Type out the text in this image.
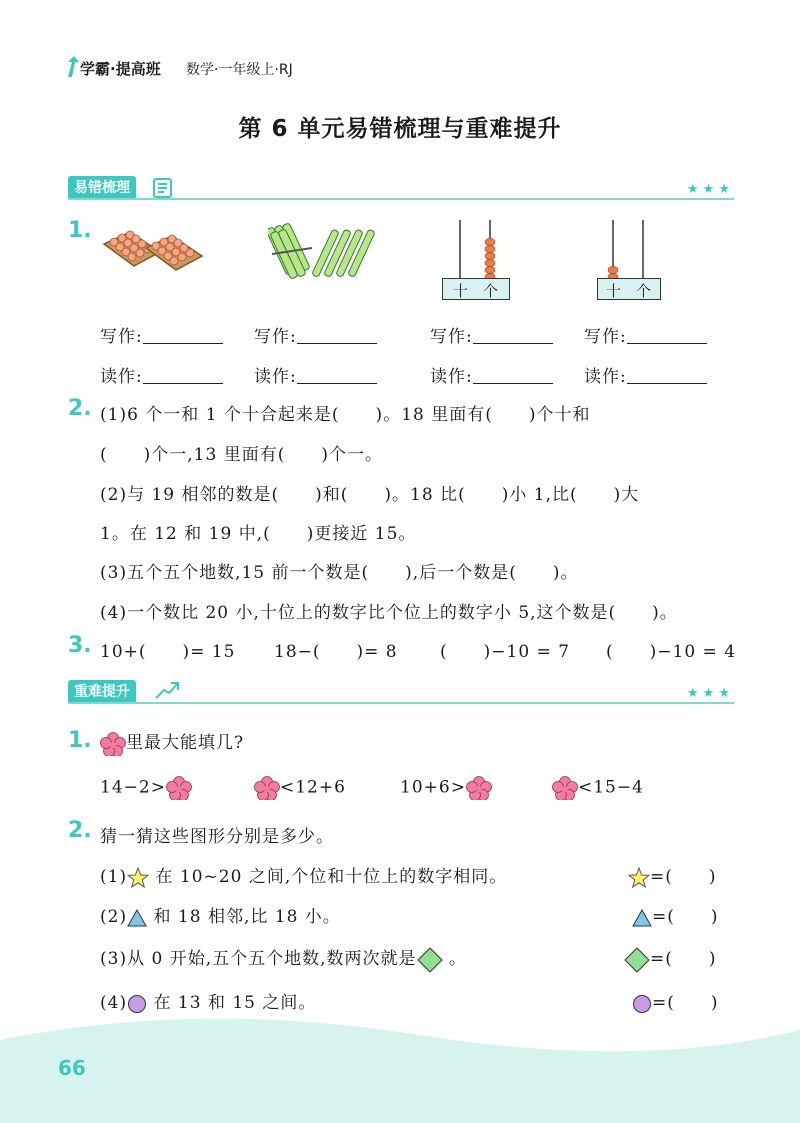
学霸·提高班 数学·一年级上·RJ
第 6 单元易错梳理与重难提升
易错梳理	★★★
1.
十 个	十 个
写作:	写作:	写作:	写作:
读作:	读作:	读作:	读作:
2. (1)6 个一和 1 个十合起来是(　　)。18 里面有(　　)个十和
(　　)个一,13 里面有(　　)个一。
(2)与 19 相邻的数是(　　)和(　　)。18 比(　　)小 1,比(　　)大
1。在 12 和 19 中,(　　)更接近 15。
(3)五个五个地数,15 前一个数是(　　),后一个数是(　　)。
(4)一个数比 20 小,十位上的数字比个位上的数字小 5,这个数是(　　)。
3. 10+(　　)= 15 18−(　　)= 8 (　　)−10 = 7 (　　)−10 = 4
重难提升	★★★
1.	里最大能填几?
14−2>	<12+6	10+6>	<15−4
2. 猜一猜这些图形分别是多少。
(1) 在 10~20 之间,个位和十位上的数字相同。	=(　　)
(2) 和 18 相邻,比 18 小。	=(　　)
(3)从 0 开始,五个五个地数,数两次就是 。	=(　　)
(4) 在 13 和 15 之间。	=(　　)
66
